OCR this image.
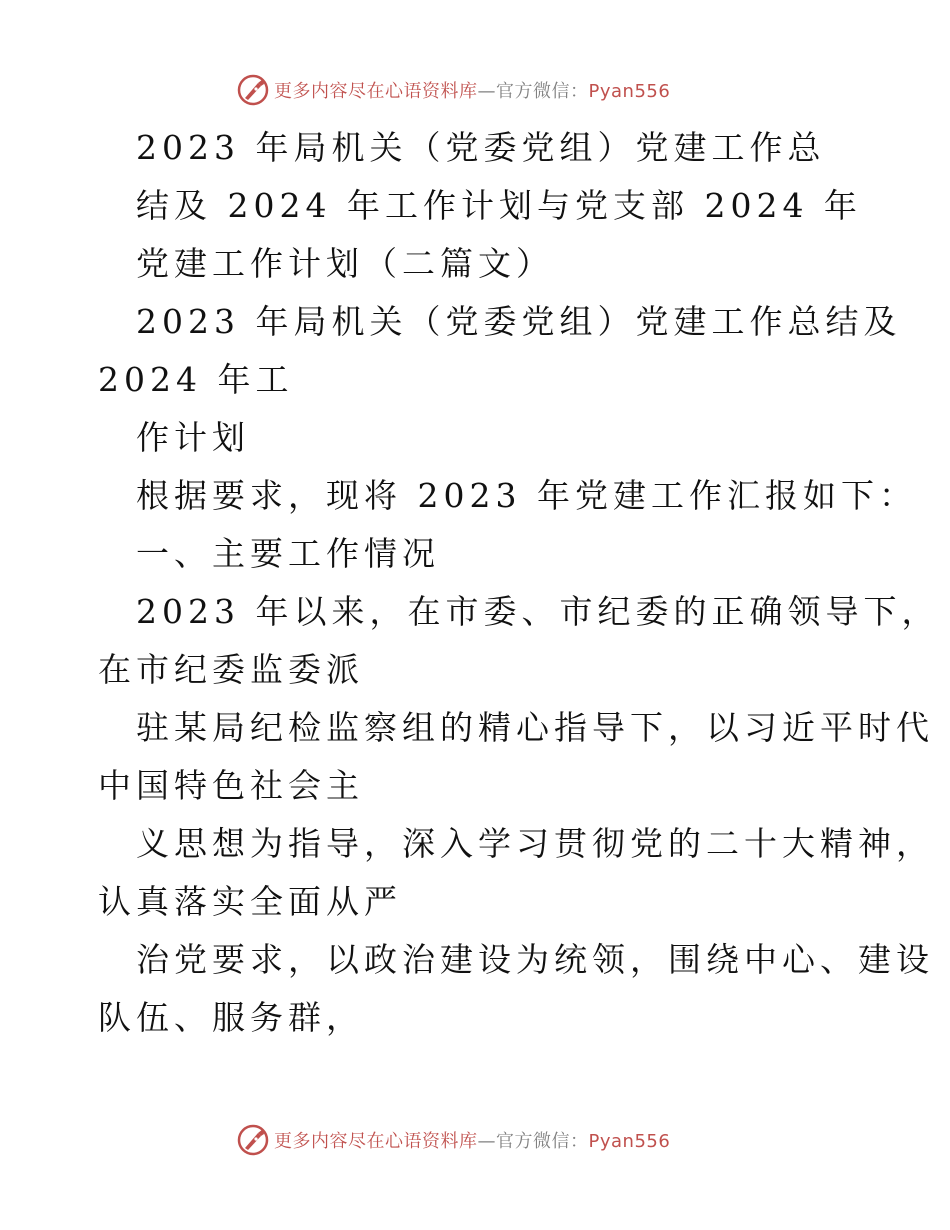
更多内容尽在心语资料库—官方微信：Pyan556
2023 年局机关（党委党组）党建工作总
结及 2024 年工作计划与党支部 2024 年
党建工作计划（二篇文）
2023 年局机关（党委党组）党建工作总结及
2024 年工
作计划
根据要求，现将 2023 年党建工作汇报如下：
一、主要工作情况
2023 年以来，在市委、市纪委的正确领导下，
在市纪委监委派
驻某局纪检监察组的精心指导下，以习近平时代
中国特色社会主
义思想为指导，深入学习贯彻党的二十大精神，
认真落实全面从严
治党要求，以政治建设为统领，围绕中心、建设
队伍、服务群，
更多内容尽在心语资料库—官方微信：Pyan556
